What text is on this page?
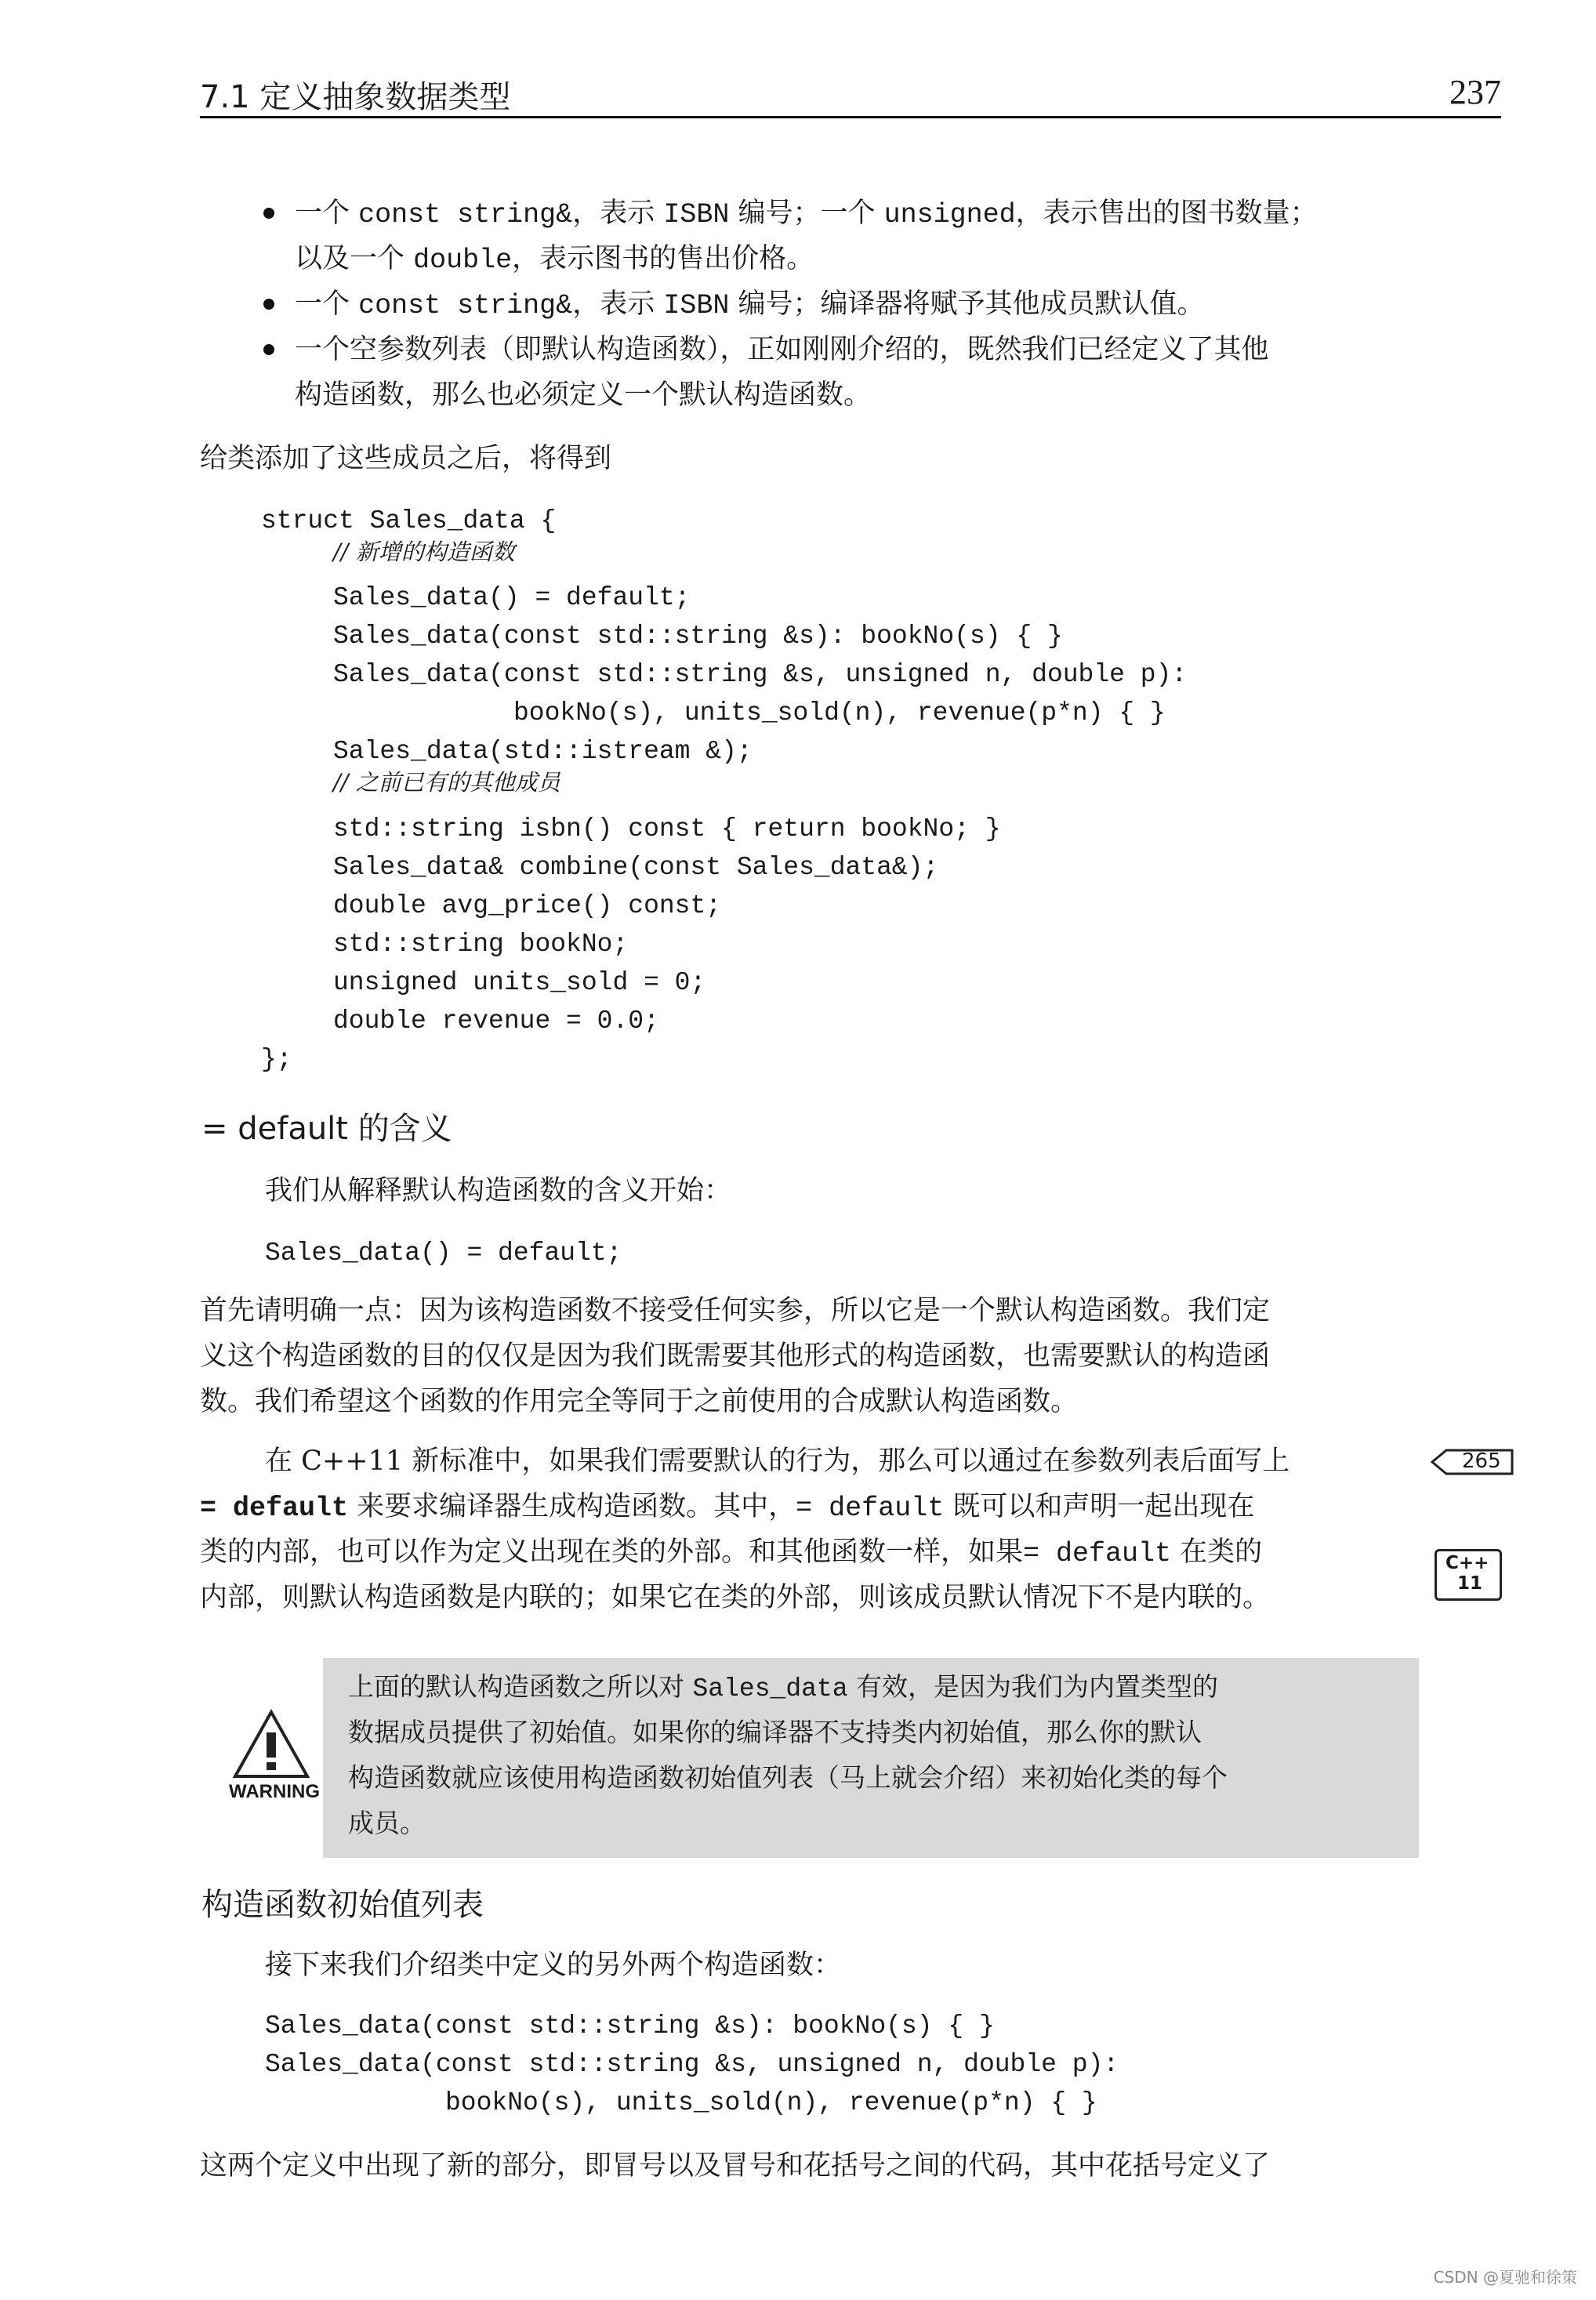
7.1 定义抽象数据类型	237
一个 const string&，表示 ISBN 编号；一个 unsigned，表示售出的图书数量；
以及一个 double，表示图书的售出价格。
一个 const string&，表示 ISBN 编号；编译器将赋予其他成员默认值。
一个空参数列表（即默认构造函数），正如刚刚介绍的，既然我们已经定义了其他
构造函数，那么也必须定义一个默认构造函数。
给类添加了这些成员之后，将得到
struct Sales_data {
// 新增的构造函数
Sales_data() = default;
Sales_data(const std::string &s): bookNo(s) { }
Sales_data(const std::string &s, unsigned n, double p):
bookNo(s), units_sold(n), revenue(p*n) { }
Sales_data(std::istream &);
// 之前已有的其他成员
std::string isbn() const { return bookNo; }
Sales_data& combine(const Sales_data&);
double avg_price() const;
std::string bookNo;
unsigned units_sold = 0;
double revenue = 0.0;
};
= default 的含义
我们从解释默认构造函数的含义开始：
Sales_data() = default;
首先请明确一点：因为该构造函数不接受任何实参，所以它是一个默认构造函数。我们定
义这个构造函数的目的仅仅是因为我们既需要其他形式的构造函数，也需要默认的构造函
数。我们希望这个函数的作用完全等同于之前使用的合成默认构造函数。
在 C++11 新标准中，如果我们需要默认的行为，那么可以通过在参数列表后面写上
= default 来要求编译器生成构造函数。其中，= default 既可以和声明一起出现在
类的内部，也可以作为定义出现在类的外部。和其他函数一样，如果= default 在类的
内部，则默认构造函数是内联的；如果它在类的外部，则该成员默认情况下不是内联的。
265
C++
11
WARNING
上面的默认构造函数之所以对 Sales_data 有效，是因为我们为内置类型的
数据成员提供了初始值。如果你的编译器不支持类内初始值，那么你的默认
构造函数就应该使用构造函数初始值列表（马上就会介绍）来初始化类的每个
成员。
构造函数初始值列表
接下来我们介绍类中定义的另外两个构造函数：
Sales_data(const std::string &s): bookNo(s) { }
Sales_data(const std::string &s, unsigned n, double p):
bookNo(s), units_sold(n), revenue(p*n) { }
这两个定义中出现了新的部分，即冒号以及冒号和花括号之间的代码，其中花括号定义了
CSDN @夏驰和徐策
